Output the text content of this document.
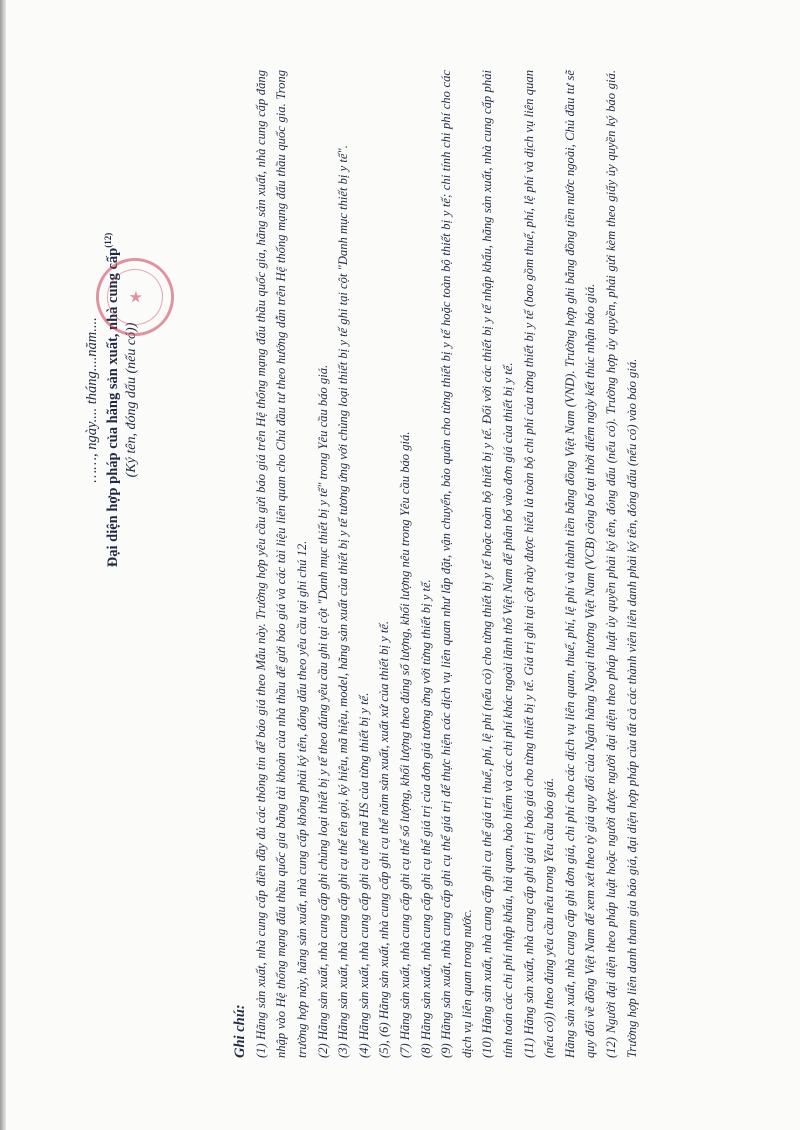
★
……, ngày.... tháng....năm.... Đại diện hợp pháp của hãng sản xuất, nhà cung cấp$^{(12)}$
(Ký tên, đóng dấu (nếu có))
Ghi chú: (1) Hãng sản xuất, nhà cung cấp điền đầy đủ các thông tin để báo giá theo Mẫu này. Trường hợp yêu cầu gửi báo giá trên Hệ thống mạng đấu thầu quốc gia, hãng sản xuất, nhà cung cấp đăng nhập vào Hệ thống mạng đấu thầu quốc gia bằng tài khoản của nhà thầu để gửi báo giá và các tài liệu liên quan cho Chủ đầu tư theo hướng dẫn trên Hệ thống mạng đấu thầu quốc gia. Trong trường hợp này, hãng sản xuất, nhà cung cấp không phải ký tên, đóng dấu theo yêu cầu tại ghi chú 12. (2) Hãng sản xuất, nhà cung cấp ghi chủng loại thiết bị y tế theo đúng yêu cầu ghi tại cột "Danh mục thiết bị y tế" trong Yêu cầu báo giá. (3) Hãng sản xuất, nhà cung cấp ghi cụ thể tên gọi, ký hiệu, mã hiệu, model, hãng sản xuất của thiết bị y tế tương ứng với chủng loại thiết bị y tế ghi tại cột "Danh mục thiết bị y tế". (4) Hãng sản xuất, nhà cung cấp ghi cụ thể mã HS của từng thiết bị y tế. (5), (6) Hãng sản xuất, nhà cung cấp ghi cụ thể năm sản xuất, xuất xứ của thiết bị y tế. (7) Hãng sản xuất, nhà cung cấp ghi cụ thể số lượng, khối lượng theo đúng số lượng, khối lượng nêu trong Yêu cầu báo giá. (8) Hãng sản xuất, nhà cung cấp ghi cụ thể giá trị của đơn giá tương ứng với từng thiết bị y tế. (9) Hãng sản xuất, nhà cung cấp ghi cụ thể giá trị để thực hiện các dịch vụ liên quan như lắp đặt, vận chuyển, bảo quản cho từng thiết bị y tế hoặc toàn bộ thiết bị y tế; chi tính chi phí cho các dịch vụ liên quan trong nước. (10) Hãng sản xuất, nhà cung cấp ghi cụ thể giá trị thuế, phí, lệ phí (nếu có) cho từng thiết bị y tế hoặc toàn bộ thiết bị y tế. Đối với các thiết bị y tế nhập khẩu, hãng sản xuất, nhà cung cấp phải tính toán các chi phí nhập khẩu, hải quan, bảo hiểm và các chi phí khác ngoài lãnh thổ Việt Nam để phân bổ vào đơn giá của thiết bị y tế. (11) Hãng sản xuất, nhà cung cấp ghi giá trị báo giá cho từng thiết bị y tế. Giá trị ghi tại cột này được hiểu là toàn bộ chi phí của từng thiết bị y tế (bao gồm thuế, phí, lệ phí và dịch vụ liên quan (nếu có)) theo đúng yêu cầu nêu trong Yêu cầu báo giá. Hãng sản xuất, nhà cung cấp ghi đơn giá, chi phí cho các dịch vụ liên quan, thuế, phí, lệ phí và thành tiền bằng đồng Việt Nam (VND). Trường hợp ghi bằng đồng tiền nước ngoài, Chủ đầu tư sẽ quy đổi về đồng Việt Nam để xem xét theo tỷ giá quy đổi của Ngân hàng Ngoại thương Việt Nam (VCB) công bố tại thời điểm ngày kết thúc nhận báo giá. (12) Người đại diện theo pháp luật hoặc người được người đại diện theo pháp luật ủy quyền phải ký tên, đóng dấu (nếu có). Trường hợp ủy quyền, phải gửi kèm theo giấy ủy quyền ký báo giá. Trường hợp liên danh tham gia báo giá, đại diện hợp pháp của tất cả các thành viên liên danh phải ký tên, đóng dấu (nếu có) vào báo giá.
